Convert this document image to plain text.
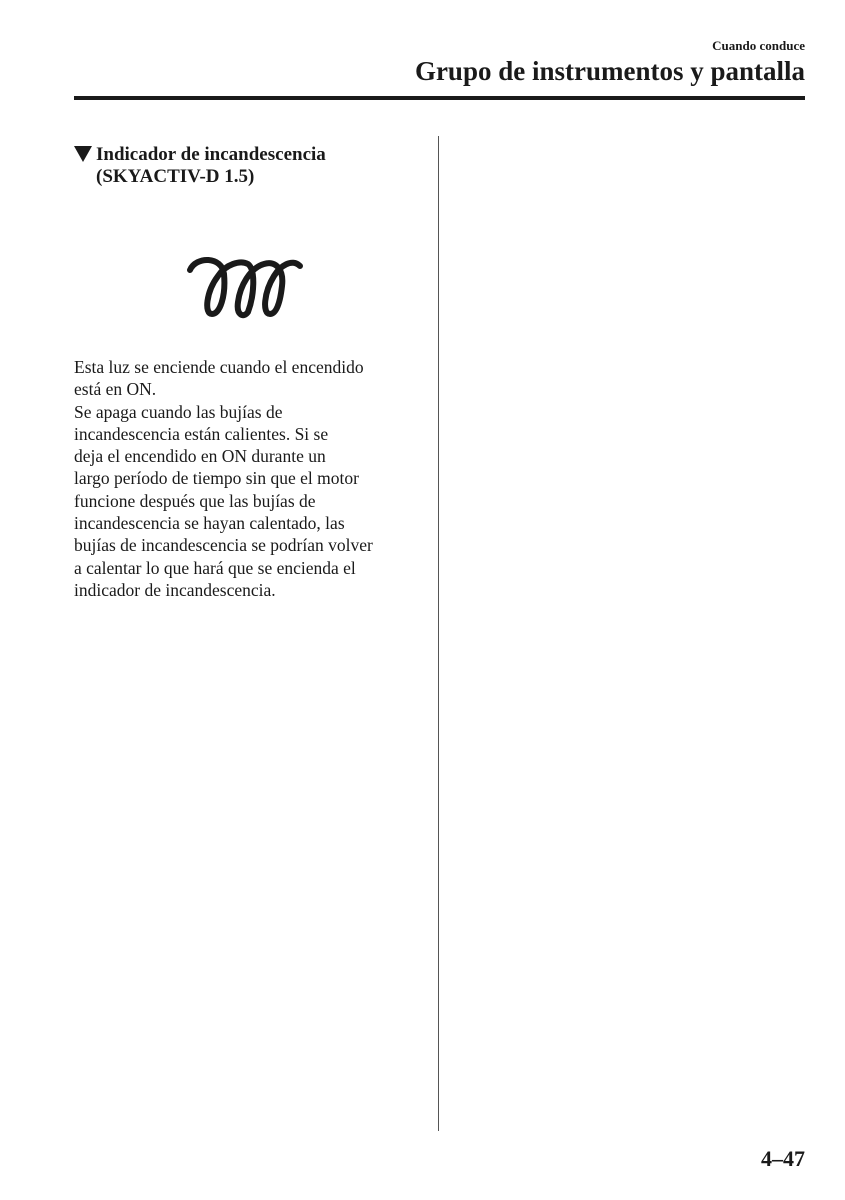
Cuando conduce
Grupo de instrumentos y pantalla
Indicador de incandescencia
(SKYACTIV-D 1.5)

Esta luz se enciende cuando el encendido
está en ON.

Se apaga cuando las bujías de
incandescencia están calientes. Si se
deja el encendido en ON durante un
largo período de tiempo sin que el motor
funcione después que las bujías de
incandescencia se hayan calentado, las
bujías de incandescencia se podrían volver
a calentar lo que hará que se encienda el
indicador de incandescencia.

4–47
